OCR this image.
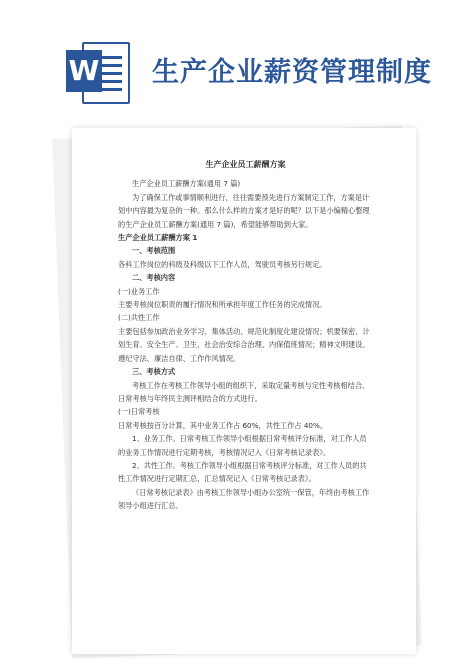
W 生产企业薪资管理制度

生产企业员工薪酬方案

生产企业员工薪酬方案(通用 7 篇)

为了确保工作或事情顺利进行，往往需要预先进行方案制定工作，方案是计划中内容最为复杂的一种。那么什么样的方案才是好的呢？以下是小编精心整理的生产企业员工薪酬方案(通用 7 篇)，希望能够帮助到大家。

生产企业员工薪酬方案 1

一、考核范围

各科工作岗位的科级及科级以下工作人员，驾驶员考核另行规定。

二、考核内容

(一)业务工作

主要考核岗位职责的履行情况和所承担年度工作任务的完成情况。

(二)共性工作

主要包括参加政治业务学习、集体活动、规范化制度化建设情况；机要保密、计划生育、安全生产、卫生、社会治安综合治理、内保值班情况；精神文明建设、遵纪守法、廉洁自律、工作作风情况。

三、考核方式

考核工作在考核工作领导小组的组织下，采取定量考核与定性考核相结合、日常考核与年终民主测评相结合的方式进行。

(一)日常考核

日常考核按百分计算，其中业务工作占 60%，共性工作占 40%。

1、业务工作。日常考核工作领导小组根据日常考核评分标准，对工作人员的业务工作情况进行定期考核，考核情况记入《日常考核记录表》。

2、共性工作。考核工作领导小组根据日常考核评分标准，对工作人员的共性工作情况进行定期汇总，汇总情况记入《日常考核记录表》。

《日常考核记录表》由考核工作领导小组办公室统一保管，年终由考核工作领导小组进行汇总。
